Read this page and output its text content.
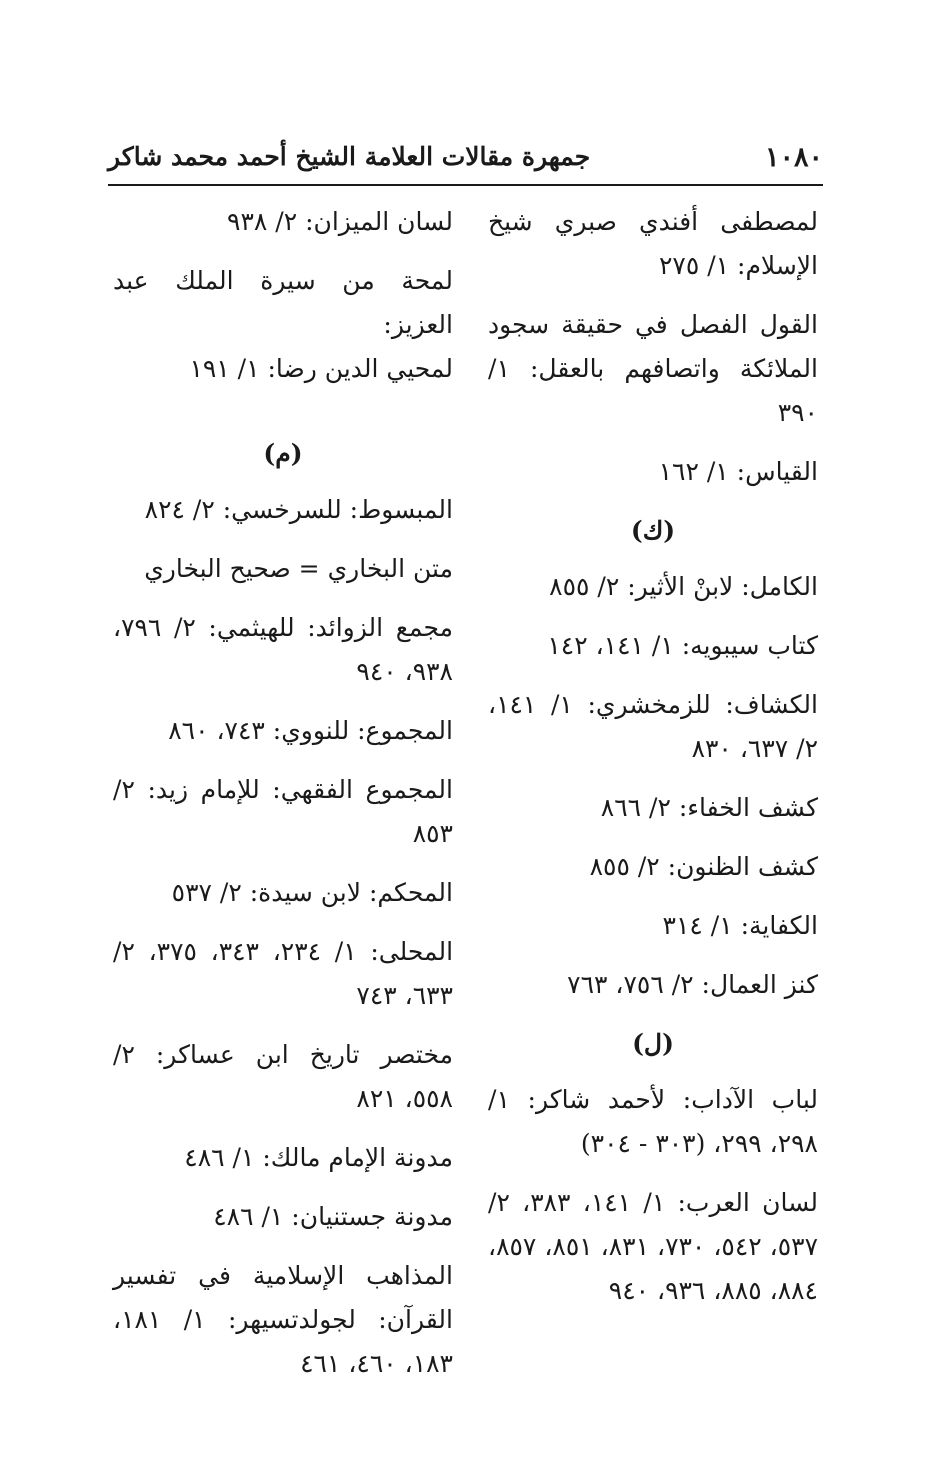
١٠٨٠
جمهرة مقالات العلامة الشيخ أحمد محمد شاكر
لمصطفى أفندي صبري شيخ الإسلام: ١/ ٢٧٥
القول الفصل في حقيقة سجود الملائكة واتصافهم بالعقل: ١/ ٣٩٠
القياس: ١/ ١٦٢
(ك)
الكامل: لابنْ الأثير: ٢/ ٨٥٥
كتاب سيبويه: ١/ ١٤١، ١٤٢
الكشاف: للزمخشري: ١/ ١٤١، ٢/ ٦٣٧، ٨٣٠
كشف الخفاء: ٢/ ٨٦٦
كشف الظنون: ٢/ ٨٥٥
الكفاية: ١/ ٣١٤
كنز العمال: ٢/ ٧٥٦، ٧٦٣
(ل)
لباب الآداب: لأحمد شاكر: ١/ ٢٩٨، ٢٩٩، (٣٠٣ - ٣٠٤)
لسان العرب: ١/ ١٤١، ٣٨٣، ٢/ ٥٣٧، ٥٤٢، ٧٣٠، ٨٣١، ٨٥١، ٨٥٧، ٨٨٤، ٨٨٥، ٩٣٦، ٩٤٠
لسان الميزان: ٢/ ٩٣٨
لمحة من سيرة الملك عبد العزيز:
لمحيي الدين رضا: ١/ ١٩١
(م)
المبسوط: للسرخسي: ٢/ ٨٢٤
متن البخاري = صحيح البخاري
مجمع الزوائد: للهيثمي: ٢/ ٧٩٦، ٩٣٨، ٩٤٠
المجموع: للنووي: ٧٤٣، ٨٦٠
المجموع الفقهي: للإمام زيد: ٢/ ٨٥٣
المحكم: لابن سيدة: ٢/ ٥٣٧
المحلى: ١/ ٢٣٤، ٣٤٣، ٣٧٥، ٢/ ٦٣٣، ٧٤٣
مختصر تاريخ ابن عساكر: ٢/ ٥٥٨، ٨٢١
مدونة الإمام مالك: ١/ ٤٨٦
مدونة جستنيان: ١/ ٤٨٦
المذاهب الإسلامية في تفسير القرآن: لجولدتسيهر: ١/ ١٨١، ١٨٣، ٤٦٠، ٤٦١
